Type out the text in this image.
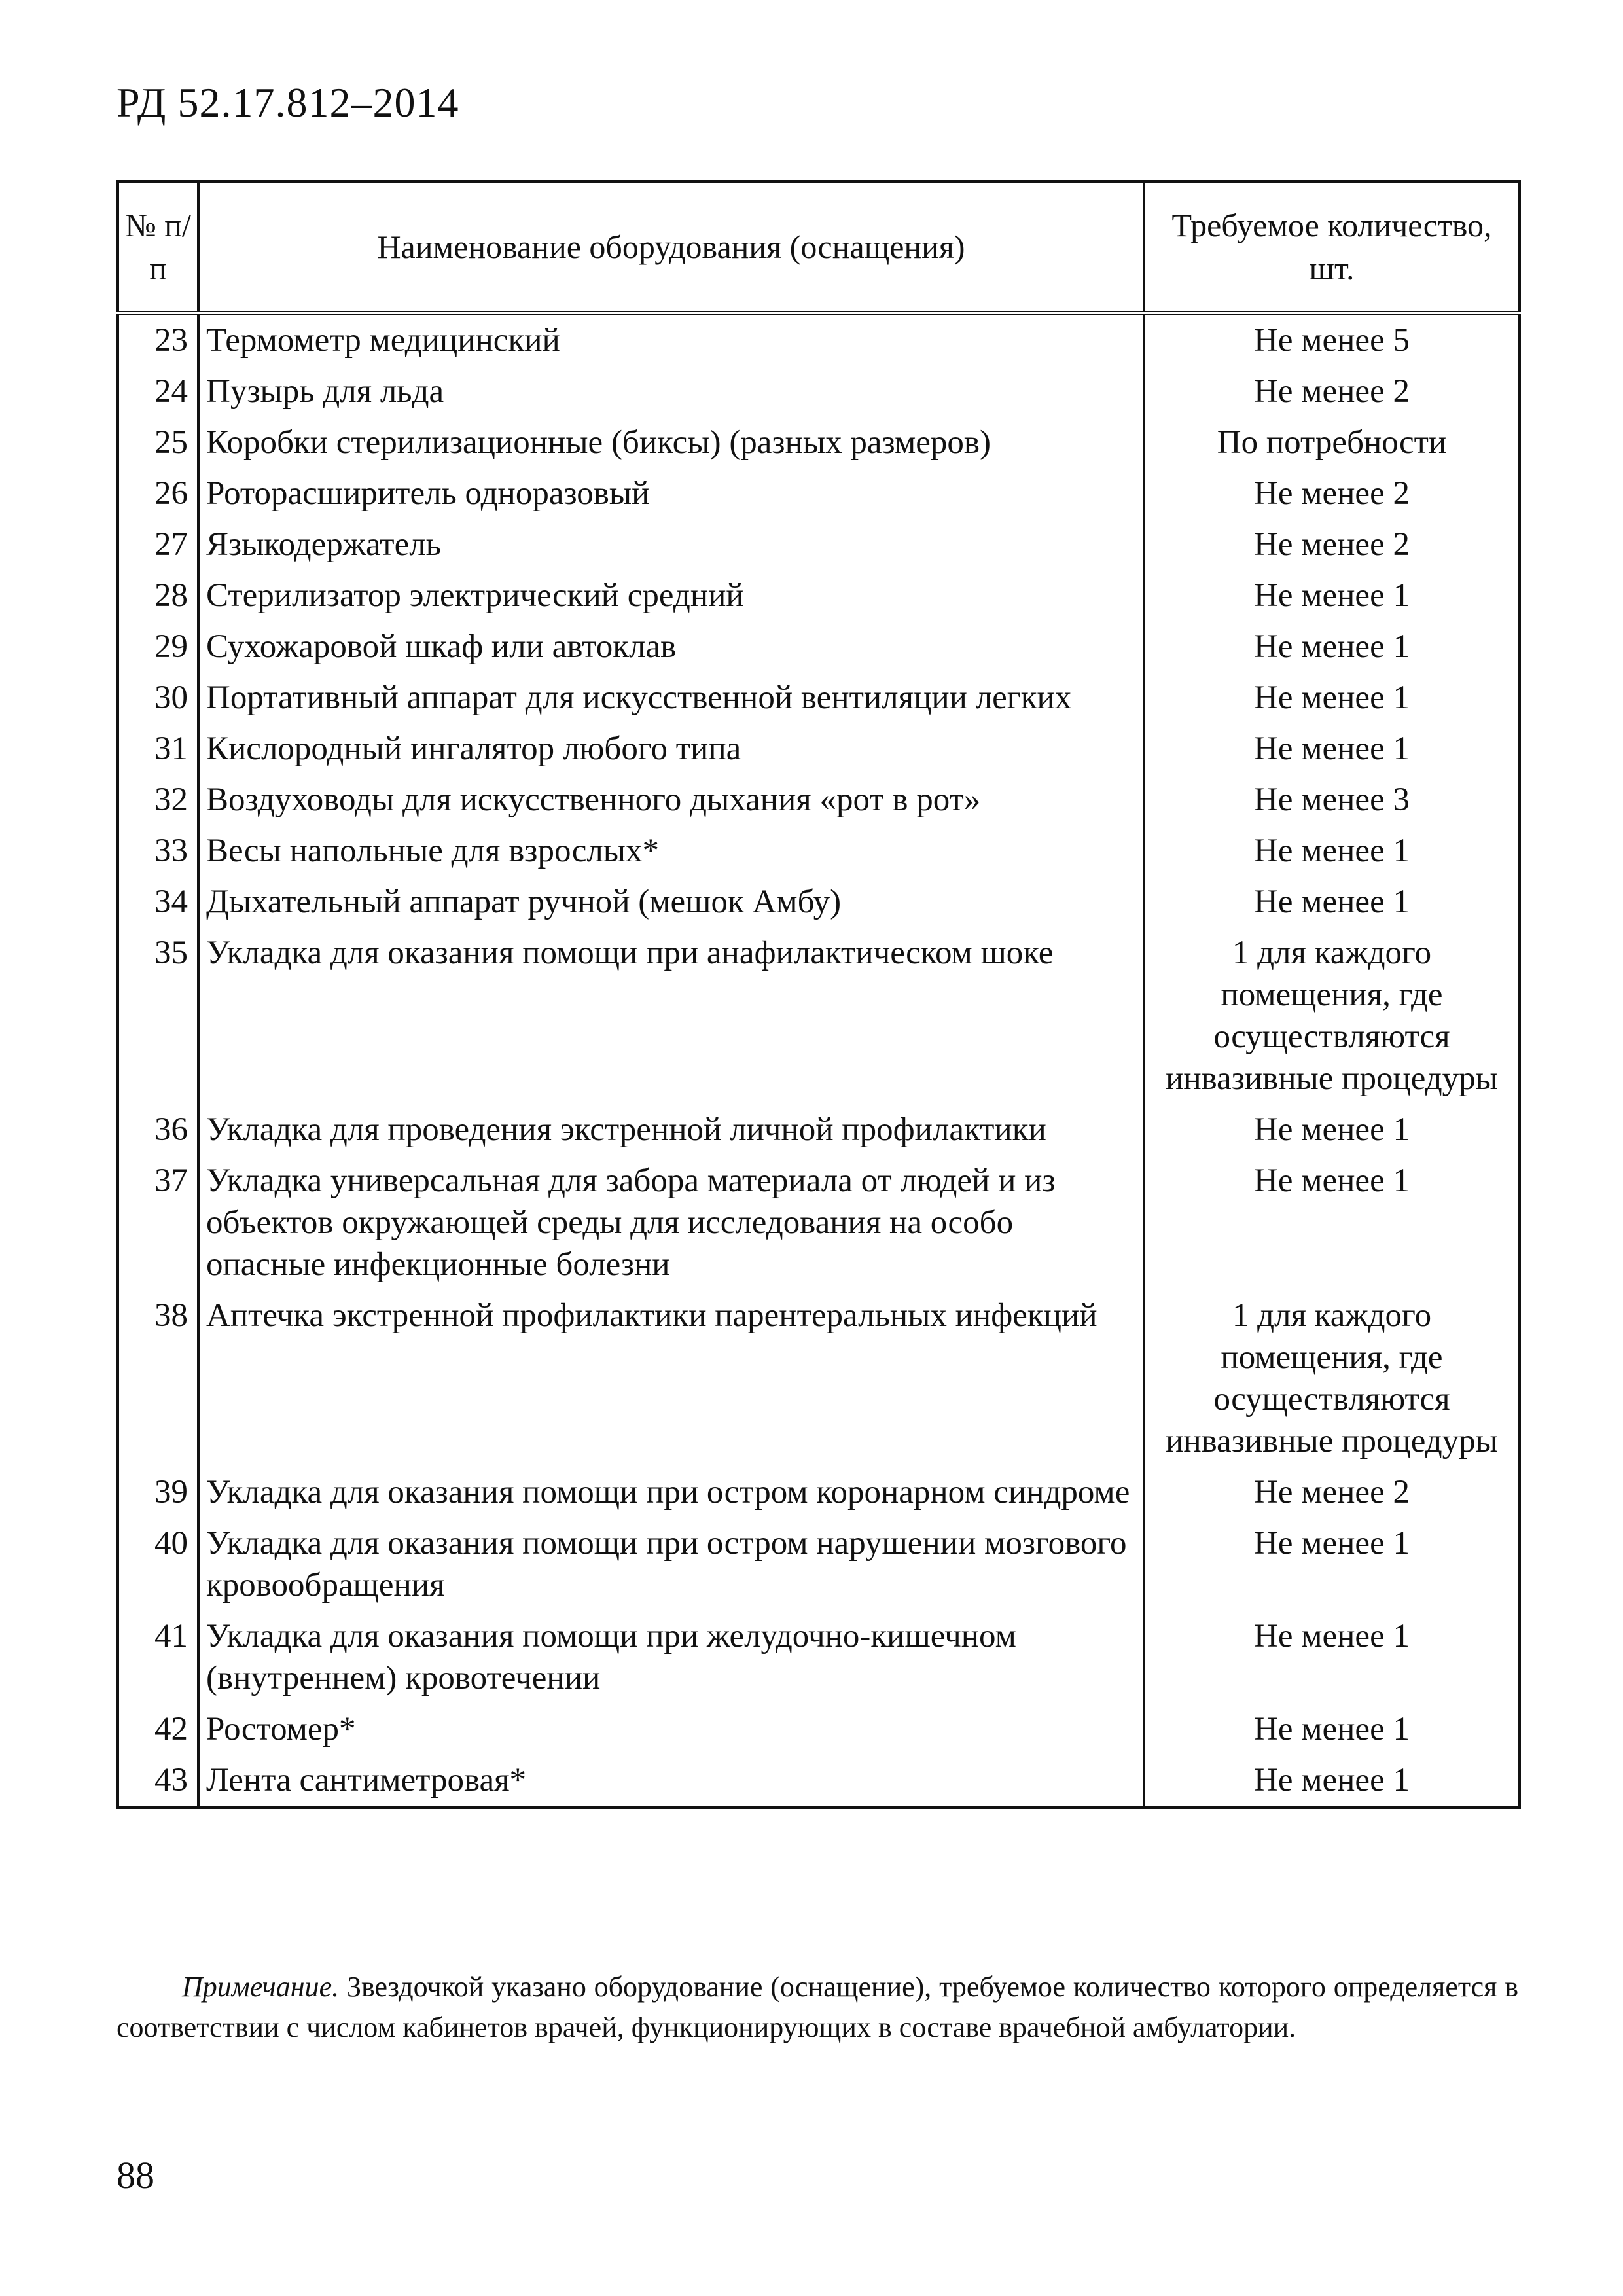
РД 52.17.812–2014
№ п/п	Наименование оборудования (оснащения)	Требуемое количество, шт.
23	Термометр медицинский	Не менее 5
24	Пузырь для льда	Не менее 2
25	Коробки стерилизационные (биксы) (разных размеров)	По потребности
26	Роторасширитель одноразовый	Не менее 2
27	Языкодержатель	Не менее 2
28	Стерилизатор электрический средний	Не менее 1
29	Сухожаровой шкаф или автоклав	Не менее 1
30	Портативный аппарат для искусственной вентиляции легких	Не менее 1
31	Кислородный ингалятор любого типа	Не менее 1
32	Воздуховоды для искусственного дыхания «рот в рот»	Не менее 3
33	Весы напольные для взрослых*	Не менее 1
34	Дыхательный аппарат ручной (мешок Амбу)	Не менее 1
35	Укладка для оказания помощи при анафилактическом шоке	1 для каждого помещения, где осуществляются инвазивные процедуры
36	Укладка для проведения экстренной личной профилактики	Не менее 1
37	Укладка универсальная для забора материала от людей и из объектов окружающей среды для исследования на особо опасные инфекционные болезни	Не менее 1
38	Аптечка экстренной профилактики парентеральных инфекций	1 для каждого помещения, где осуществляются инвазивные процедуры
39	Укладка для оказания помощи при остром коронарном синдроме	Не менее 2
40	Укладка для оказания помощи при остром нарушении мозгового кровообращения	Не менее 1
41	Укладка для оказания помощи при желудочно-кишечном (внутреннем) кровотечении	Не менее 1
42	Ростомер*	Не менее 1
43	Лента сантиметровая*	Не менее 1
Примечание. Звездочкой указано оборудование (оснащение), требуемое количество которого определяется в соответствии с числом кабинетов врачей, функционирующих в составе врачебной амбулатории.
88
